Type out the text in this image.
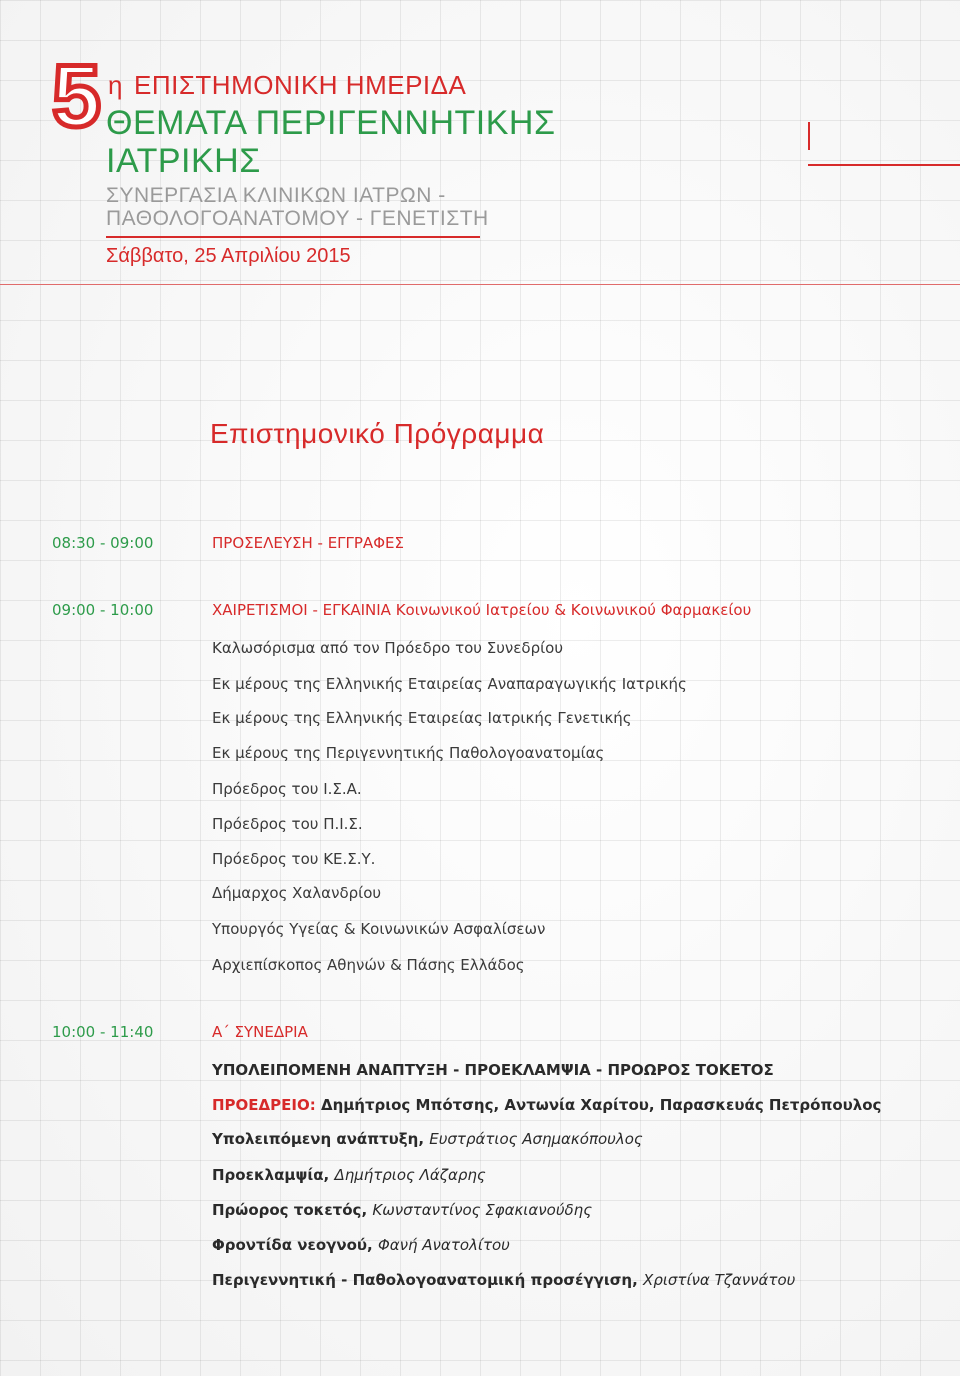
5 η ΕΠΙΣΤΗΜΟΝΙΚΗ ΗΜΕΡΙΔΑ
ΘΕΜΑΤΑ ΠΕΡΙΓΕΝΝΗΤΙΚΗΣ
ΙΑΤΡΙΚΗΣ
ΣΥΝΕΡΓΑΣΙΑ ΚΛΙΝΙΚΩΝ ΙΑΤΡΩΝ -
ΠΑΘΟΛΟΓΟΑΝΑΤΟΜΟΥ - ΓΕΝΕΤΙΣΤΗ
Σάββατο, 25 Απριλίου 2015
Επιστημονικό Πρόγραμμα
08:30 - 09:00	ΠΡΟΣΕΛΕΥΣΗ - ΕΓΓΡΑΦΕΣ
09:00 - 10:00	ΧΑΙΡΕΤΙΣΜΟΙ - ΕΓΚΑΙΝΙΑ Κοινωνικού Ιατρείου & Κοινωνικού Φαρμακείου
Καλωσόρισμα από τον Πρόεδρο του Συνεδρίου
Εκ μέρους της Ελληνικής Εταιρείας Αναπαραγωγικής Ιατρικής
Εκ μέρους της Ελληνικής Εταιρείας Ιατρικής Γενετικής
Εκ μέρους της Περιγεννητικής Παθολογοανατομίας
Πρόεδρος του Ι.Σ.Α.
Πρόεδρος του Π.Ι.Σ.
Πρόεδρος του ΚΕ.Σ.Υ.
Δήμαρχος Χαλανδρίου
Υπουργός Υγείας & Κοινωνικών Ασφαλίσεων
Αρχιεπίσκοπος Αθηνών & Πάσης Ελλάδος
10:00 - 11:40	Α΄ ΣΥΝΕΔΡΙΑ
ΥΠΟΛΕΙΠΟΜΕΝΗ ΑΝΑΠΤΥΞΗ - ΠΡΟΕΚΛΑΜΨΙΑ - ΠΡΟΩΡΟΣ ΤΟΚΕΤΟΣ
ΠΡΟΕΔΡΕΙΟ: Δημήτριος Μπότσης, Αντωνία Χαρίτου, Παρασκευάς Πετρόπουλος
Υπολειπόμενη ανάπτυξη, Ευστράτιος Ασημακόπουλος
Προεκλαμψία, Δημήτριος Λάζαρης
Πρώορος τοκετός, Κωνσταντίνος Σφακιανούδης
Φροντίδα νεογνού, Φανή Ανατολίτου
Περιγεννητική - Παθολογοανατομική προσέγγιση, Χριστίνα Τζαννάτου
